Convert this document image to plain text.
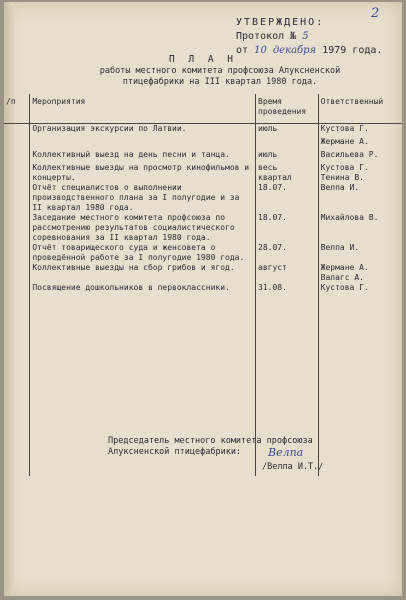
2
УТВЕРЖДЕНО:
Протокол № 5
от 10 декабря 1979 года.
П Л А Н
работы местного комитета профсоюза Алуксненской
птицефабрики на III квартал 1980 года.
/п	Мероприятия	Время проведения	Ответственный
	Организация экскурсии по Латвии.	июль	Кустова Г.
			Жермане А.
	Коллективный выезд на день песни и танца.	июль	Васильева Р.
	Коллективные выезды на просмотр кинофильмов и концерты.	весь квартал	Кустова Г. Тенина В.
	Отчёт специалистов о выполнении производственного плана за I полугодие и за II квартал 1980 года.	18.07.	Велпа И.
	Заседание местного комитета профсоюза по рассмотрению результатов социалистического соревнования за II квартал 1980 года.	18.07.	Михайлова В.
	Отчёт товарищеского суда и женсовета о проведённой работе за I полугодие 1980 года.	28.07.	Велпа И.
	Коллективные выезды на сбор грибов и ягод.	август	Жермане А. Валагс А.
	Посвящение дошкольников в первоклассники.	31.08.	Кустова Г.

Председатель местного комитета профсоюза
Алуксненской птицефабрики:	Велпа
/Велпа И.Т./
